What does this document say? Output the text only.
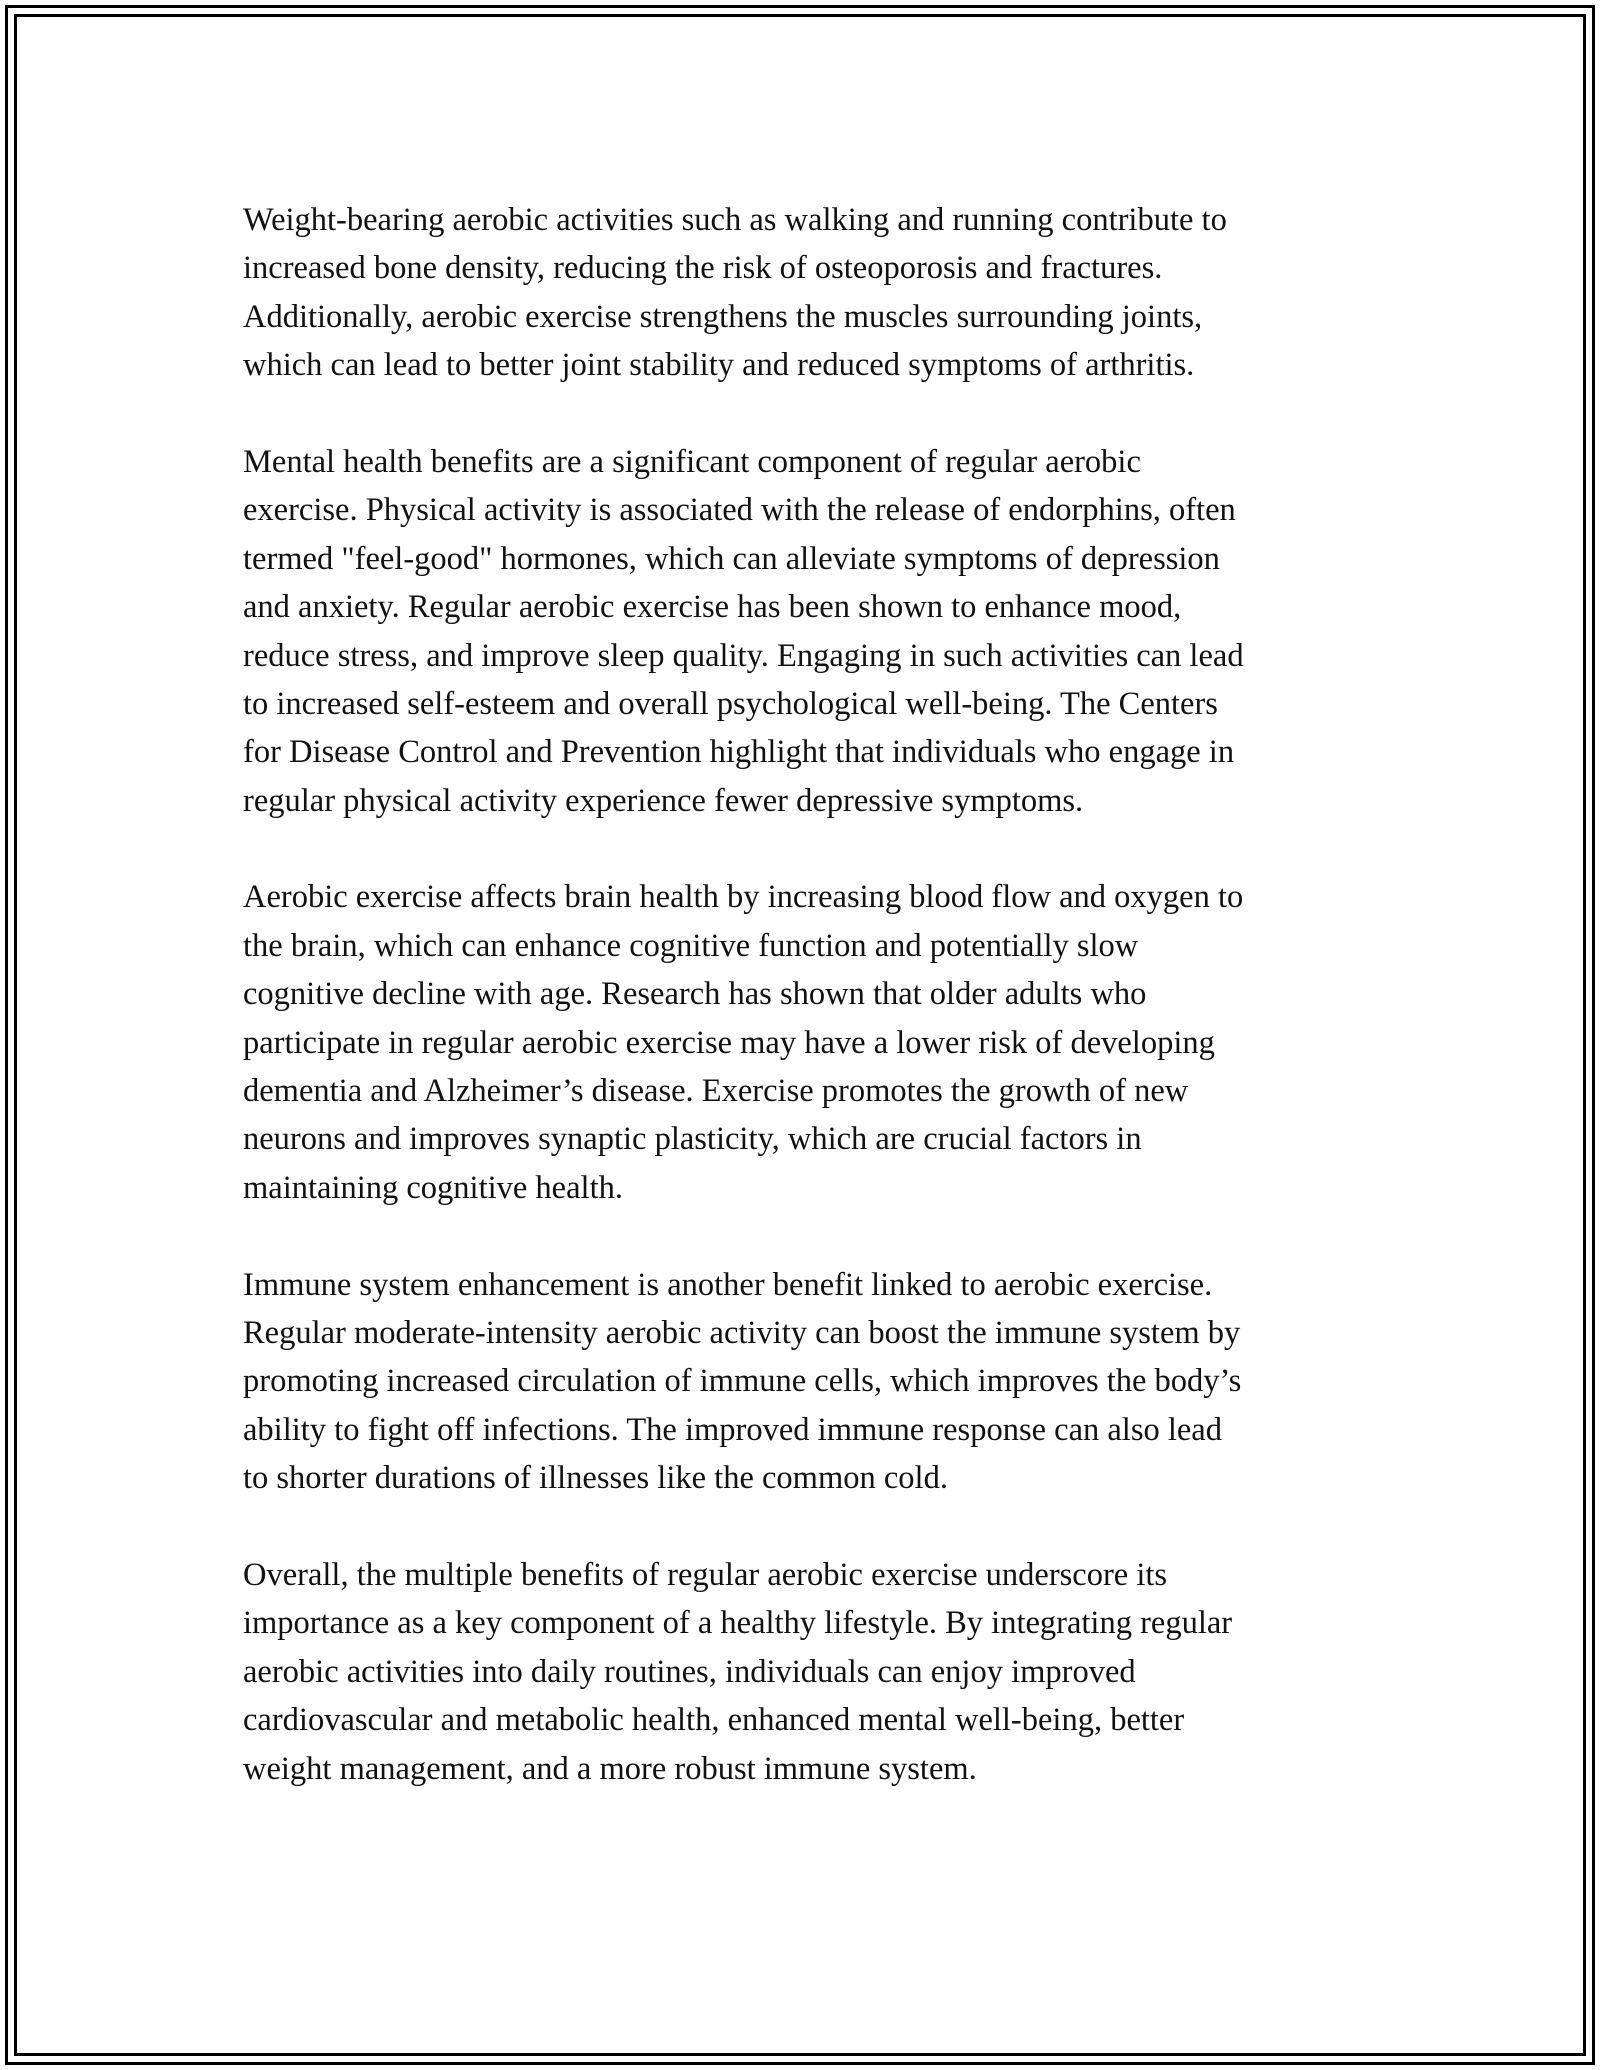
Weight-bearing aerobic activities such as walking and running contribute to
increased bone density, reducing the risk of osteoporosis and fractures.
Additionally, aerobic exercise strengthens the muscles surrounding joints,
which can lead to better joint stability and reduced symptoms of arthritis.

Mental health benefits are a significant component of regular aerobic
exercise. Physical activity is associated with the release of endorphins, often
termed "feel-good" hormones, which can alleviate symptoms of depression
and anxiety. Regular aerobic exercise has been shown to enhance mood,
reduce stress, and improve sleep quality. Engaging in such activities can lead
to increased self-esteem and overall psychological well-being. The Centers
for Disease Control and Prevention highlight that individuals who engage in
regular physical activity experience fewer depressive symptoms.

Aerobic exercise affects brain health by increasing blood flow and oxygen to
the brain, which can enhance cognitive function and potentially slow
cognitive decline with age. Research has shown that older adults who
participate in regular aerobic exercise may have a lower risk of developing
dementia and Alzheimer’s disease. Exercise promotes the growth of new
neurons and improves synaptic plasticity, which are crucial factors in
maintaining cognitive health.

Immune system enhancement is another benefit linked to aerobic exercise.
Regular moderate-intensity aerobic activity can boost the immune system by
promoting increased circulation of immune cells, which improves the body’s
ability to fight off infections. The improved immune response can also lead
to shorter durations of illnesses like the common cold.

Overall, the multiple benefits of regular aerobic exercise underscore its
importance as a key component of a healthy lifestyle. By integrating regular
aerobic activities into daily routines, individuals can enjoy improved
cardiovascular and metabolic health, enhanced mental well-being, better
weight management, and a more robust immune system.
